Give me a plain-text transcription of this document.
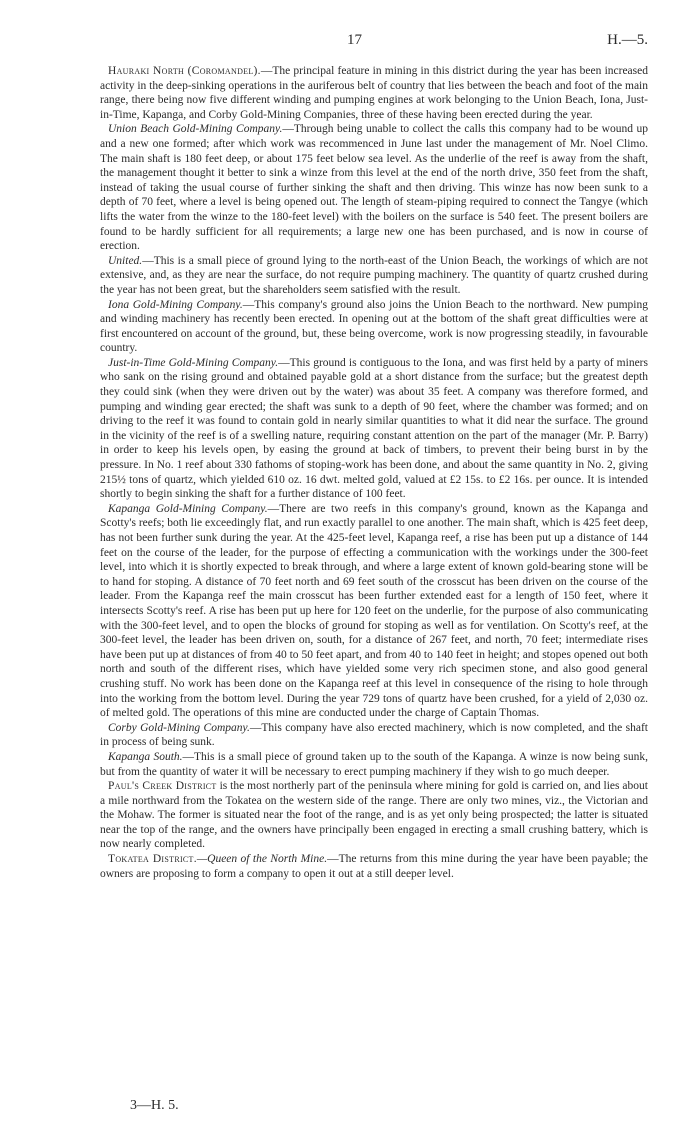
17	H.—5.

Hauraki North (Coromandel).—The principal feature in mining in this district during the year has been increased activity in the deep-sinking operations in the auriferous belt of country that lies between the beach and foot of the main range, there being now five different winding and pumping engines at work belonging to the Union Beach, Iona, Just-in-Time, Kapanga, and Corby Gold-Mining Companies, three of these having been erected during the year.

Union Beach Gold-Mining Company.—Through being unable to collect the calls this company had to be wound up and a new one formed; after which work was recommenced in June last under the management of Mr. Noel Climo. The main shaft is 180 feet deep, or about 175 feet below sea level. As the underlie of the reef is away from the shaft, the management thought it better to sink a winze from this level at the end of the north drive, 350 feet from the shaft, instead of taking the usual course of further sinking the shaft and then driving. This winze has now been sunk to a depth of 70 feet, where a level is being opened out. The length of steam-piping required to connect the Tangye (which lifts the water from the winze to the 180-feet level) with the boilers on the surface is 540 feet. The present boilers are found to be hardly sufficient for all requirements; a large new one has been purchased, and is now in course of erection.

United.—This is a small piece of ground lying to the north-east of the Union Beach, the workings of which are not extensive, and, as they are near the surface, do not require pumping machinery. The quantity of quartz crushed during the year has not been great, but the shareholders seem satisfied with the result.

Iona Gold-Mining Company.—This company's ground also joins the Union Beach to the northward. New pumping and winding machinery has recently been erected. In opening out at the bottom of the shaft great difficulties were at first encountered on account of the ground, but, these being overcome, work is now progressing steadily, in favourable country.

Just-in-Time Gold-Mining Company.—This ground is contiguous to the Iona, and was first held by a party of miners who sank on the rising ground and obtained payable gold at a short distance from the surface; but the greatest depth they could sink (when they were driven out by the water) was about 35 feet. A company was therefore formed, and pumping and winding gear erected; the shaft was sunk to a depth of 90 feet, where the chamber was formed; and on driving to the reef it was found to contain gold in nearly similar quantities to what it did near the surface. The ground in the vicinity of the reef is of a swelling nature, requiring constant attention on the part of the manager (Mr. P. Barry) in order to keep his levels open, by easing the ground at back of timbers, to prevent their being burst in by the pressure. In No. 1 reef about 330 fathoms of stoping-work has been done, and about the same quantity in No. 2, giving 215½ tons of quartz, which yielded 610 oz. 16 dwt. melted gold, valued at £2 15s. to £2 16s. per ounce. It is intended shortly to begin sinking the shaft for a further distance of 100 feet.

Kapanga Gold-Mining Company.—There are two reefs in this company's ground, known as the Kapanga and Scotty's reefs; both lie exceedingly flat, and run exactly parallel to one another. The main shaft, which is 425 feet deep, has not been further sunk during the year. At the 425-feet level, Kapanga reef, a rise has been put up a distance of 144 feet on the course of the leader, for the purpose of effecting a communication with the workings under the 300-feet level, into which it is shortly expected to break through, and where a large extent of known gold-bearing stone will be to hand for stoping. A distance of 70 feet north and 69 feet south of the crosscut has been driven on the course of the leader. From the Kapanga reef the main crosscut has been further extended east for a length of 150 feet, where it intersects Scotty's reef. A rise has been put up here for 120 feet on the underlie, for the purpose of also communicating with the 300-feet level, and to open the blocks of ground for stoping as well as for ventilation. On Scotty's reef, at the 300-feet level, the leader has been driven on, south, for a distance of 267 feet, and north, 70 feet; intermediate rises have been put up at distances of from 40 to 50 feet apart, and from 40 to 140 feet in height; and stopes opened out both north and south of the different rises, which have yielded some very rich specimen stone, and also good general crushing stuff. No work has been done on the Kapanga reef at this level in consequence of the rising to hole through into the working from the bottom level. During the year 729 tons of quartz have been crushed, for a yield of 2,030 oz. of melted gold. The operations of this mine are conducted under the charge of Captain Thomas.

Corby Gold-Mining Company.—This company have also erected machinery, which is now completed, and the shaft in process of being sunk.

Kapanga South.—This is a small piece of ground taken up to the south of the Kapanga. A winze is now being sunk, but from the quantity of water it will be necessary to erect pumping machinery if they wish to go much deeper.

Paul's Creek District is the most northerly part of the peninsula where mining for gold is carried on, and lies about a mile northward from the Tokatea on the western side of the range. There are only two mines, viz., the Victorian and the Mohaw. The former is situated near the foot of the range, and is as yet only being prospected; the latter is situated near the top of the range, and the owners have principally been engaged in erecting a small crushing battery, which is now nearly completed.

Tokatea District.—Queen of the North Mine.—The returns from this mine during the year have been payable; the owners are proposing to form a company to open it out at a still deeper level.

3—H. 5.
